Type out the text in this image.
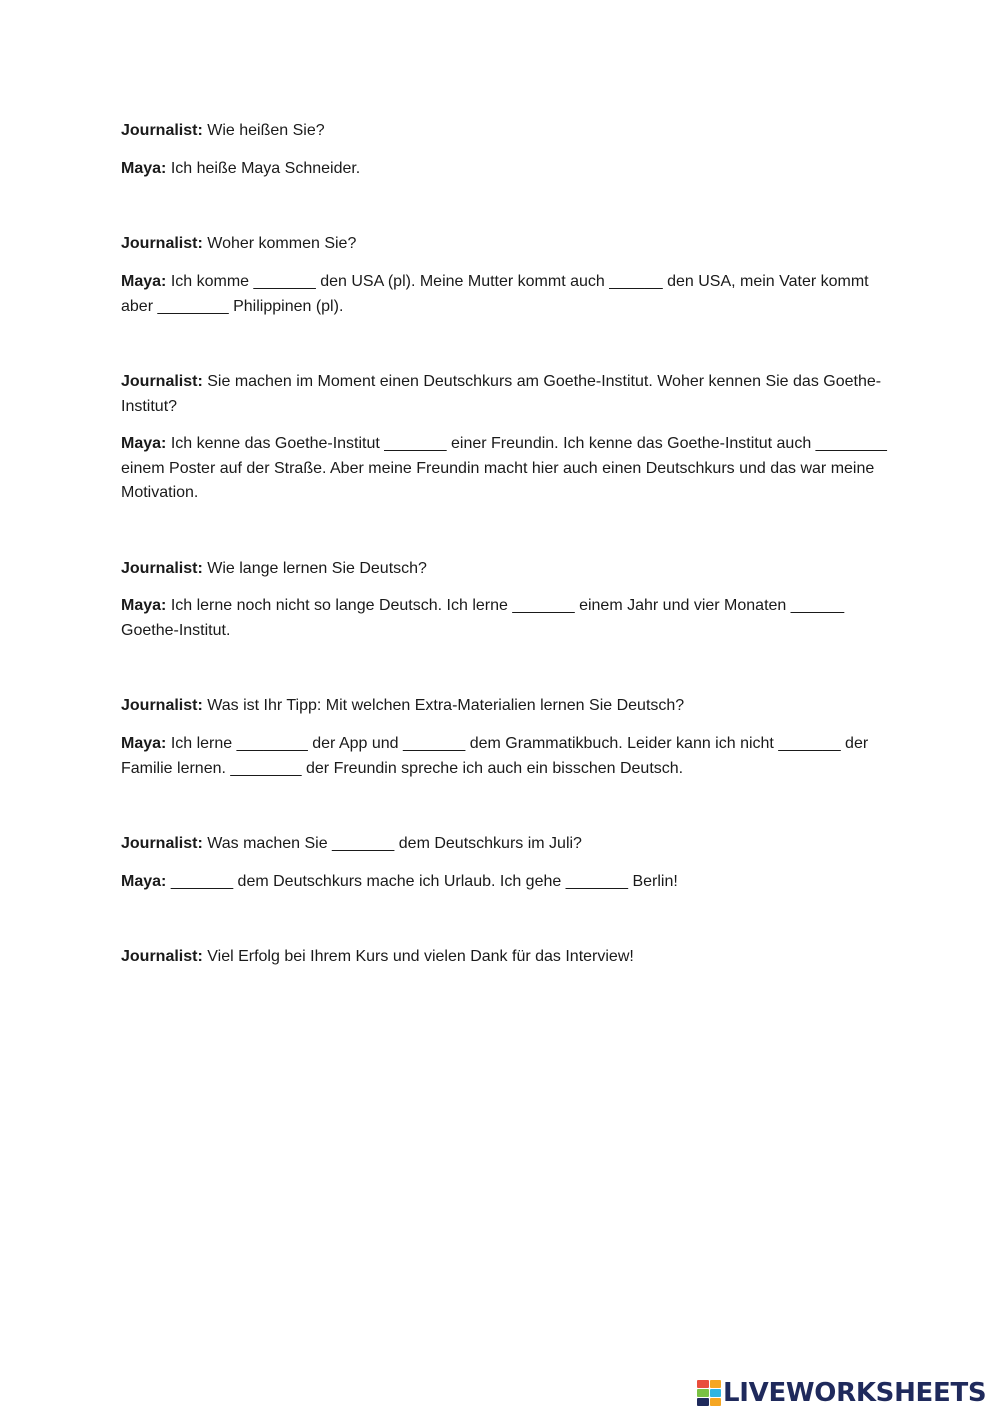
Journalist: Wie heißen Sie?

Maya: Ich heiße Maya Schneider.

Journalist: Woher kommen Sie?

Maya: Ich komme _______ den USA (pl). Meine Mutter kommt auch ______ den USA, mein Vater kommt aber ________ Philippinen (pl).

Journalist: Sie machen im Moment einen Deutschkurs am Goethe-Institut. Woher kennen Sie das Goethe-Institut?

Maya: Ich kenne das Goethe-Institut _______ einer Freundin. Ich kenne das Goethe-Institut auch ________ einem Poster auf der Straße. Aber meine Freundin macht hier auch einen Deutschkurs und das war meine Motivation.

Journalist: Wie lange lernen Sie Deutsch?

Maya: Ich lerne noch nicht so lange Deutsch. Ich lerne _______ einem Jahr und vier Monaten ______ Goethe-Institut.

Journalist: Was ist Ihr Tipp: Mit welchen Extra-Materialien lernen Sie Deutsch?

Maya: Ich lerne ________ der App und _______ dem Grammatikbuch. Leider kann ich nicht _______ der Familie lernen. ________ der Freundin spreche ich auch ein bisschen Deutsch.

Journalist: Was machen Sie _______ dem Deutschkurs im Juli?

Maya: _______ dem Deutschkurs mache ich Urlaub. Ich gehe _______ Berlin!

Journalist: Viel Erfolg bei Ihrem Kurs und vielen Dank für das Interview!

LIVEWORKSHEETS
